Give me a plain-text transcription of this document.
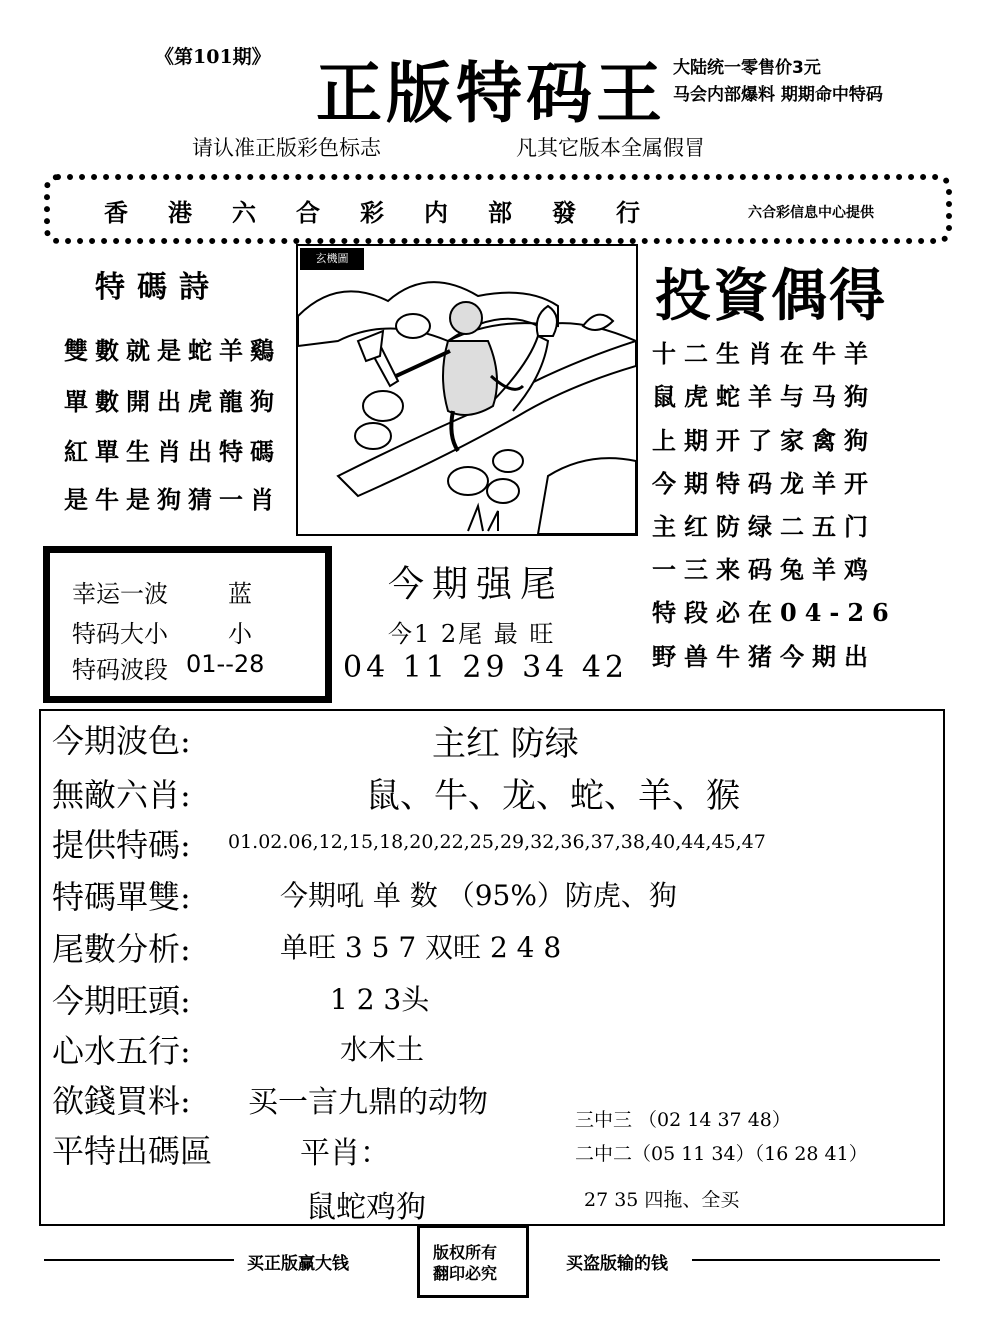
《第101期》 正版特码王 大陆统一零售价3元
马会内部爆料 期期命中特码
请认准正版彩色标志	凡其它版本全属假冒
香港六合彩内部發行	六合彩信息中心提供
特碼詩
雙數就是蛇羊鷄
單數開出虎龍狗
紅單生肖出特碼
是牛是狗猜一肖
玄機圖
投資偶得
十二生肖在牛羊
鼠虎蛇羊与马狗
上期开了家禽狗
今期特码龙羊开
主红防绿二五门
一三来码兔羊鸡
特段必在04-26
野兽牛猪今期出
幸运一波	蓝
特码大小	小
特码波段 01--28
今期强尾
今1 2尾 最 旺
04 11 29 34 42
今期波色:	主红 防绿
無敵六肖:	鼠、牛、龙、蛇、羊、猴
提供特碼: 01.02.06,12,15,18,20,22,25,29,32,36,37,38,40,44,45,47
特碼單雙:	今期吼 单 数 （95%）防虎、狗
尾數分析:	单旺 3 5 7 双旺 2 4 8
今期旺頭:	1 2 3头
心水五行:	水木土
欲錢買料: 买一言九鼎的动物
平特出碼區	平肖：
鼠蛇鸡狗
三中三 （02 14 37 48）
二中二（05 11 34）（16 28 41）
27 35 四拖、全买
买正版赢大钱
版权所有
翻印必究	买盗版输的钱
